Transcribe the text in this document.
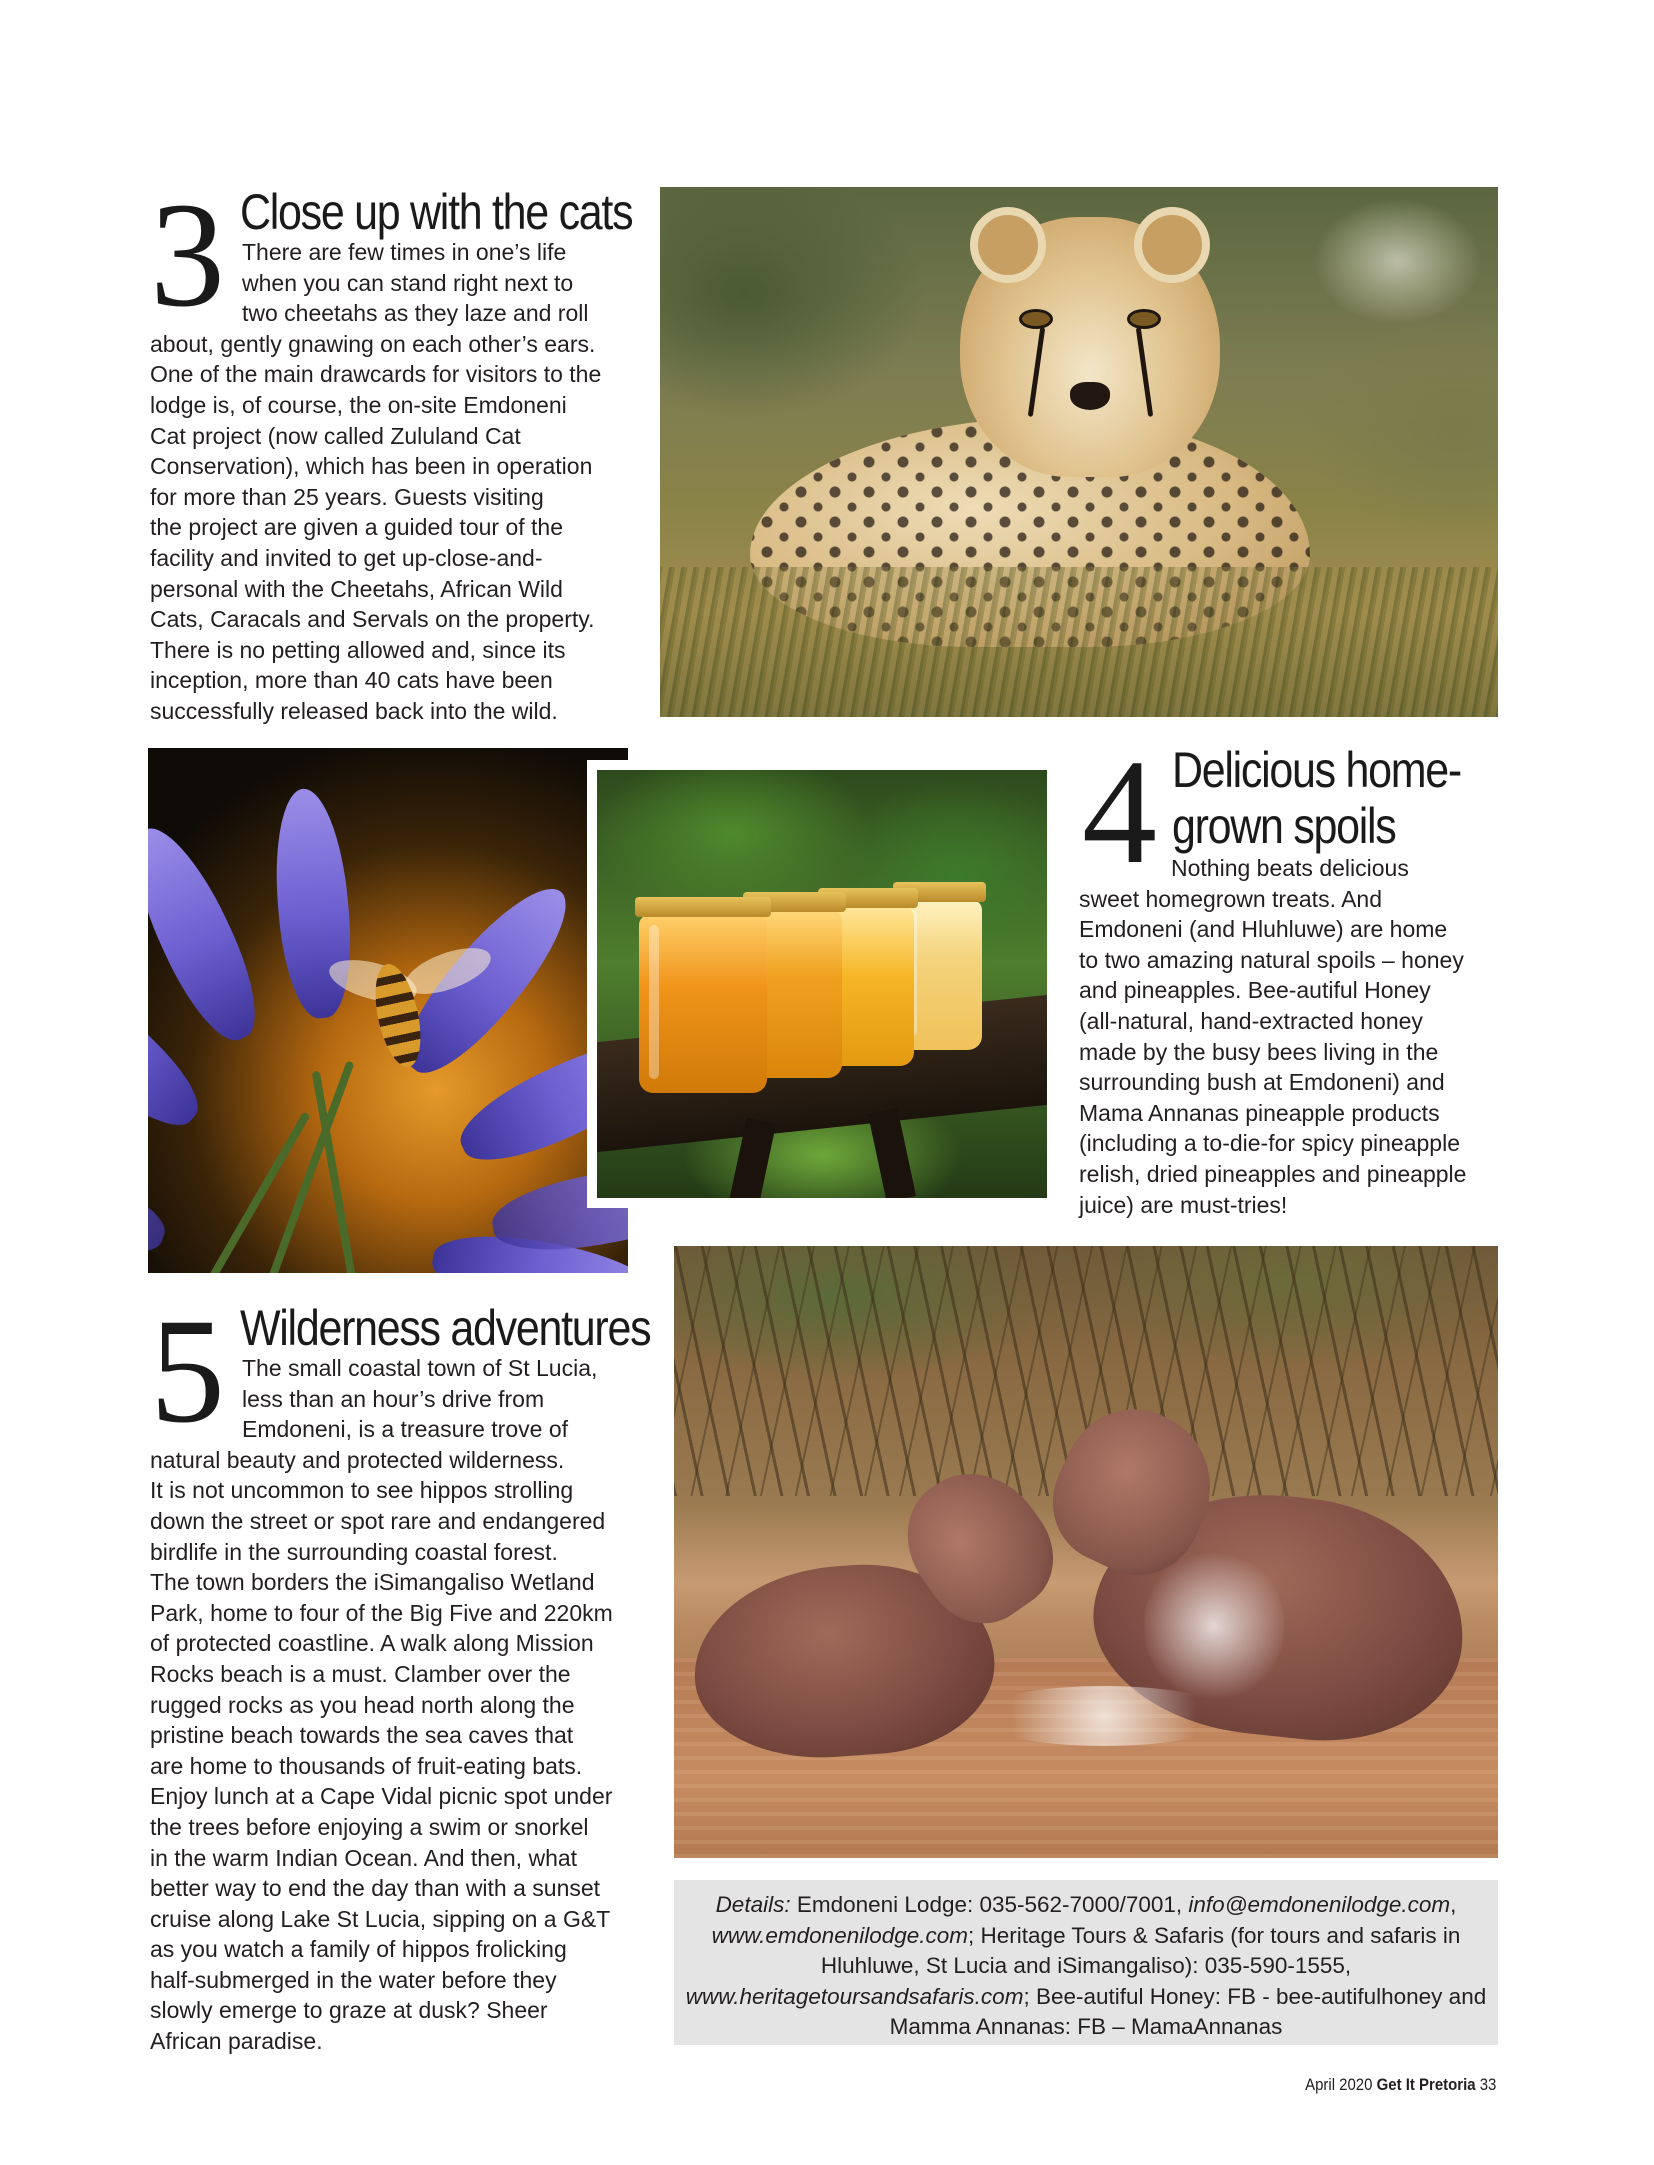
3 Close up with the cats
There are few times in one’s life
when you can stand right next to
two cheetahs as they laze and roll
about, gently gnawing on each other’s ears.
One of the main drawcards for visitors to the
lodge is, of course, the on-site Emdoneni
Cat project (now called Zululand Cat
Conservation), which has been in operation
for more than 25 years. Guests visiting
the project are given a guided tour of the
facility and invited to get up-close-and-
personal with the Cheetahs, African Wild
Cats, Caracals and Servals on the property.
There is no petting allowed and, since its
inception, more than 40 cats have been
successfully released back into the wild.
4 Delicious home-
grown spoils
Nothing beats delicious
sweet homegrown treats. And
Emdoneni (and Hluhluwe) are home
to two amazing natural spoils – honey
and pineapples. Bee-autiful Honey
(all-natural, hand-extracted honey
made by the busy bees living in the
surrounding bush at Emdoneni) and
Mama Annanas pineapple products
(including a to-die-for spicy pineapple
relish, dried pineapples and pineapple
juice) are must-tries!
5 Wilderness adventures
The small coastal town of St Lucia,
less than an hour’s drive from
Emdoneni, is a treasure trove of
natural beauty and protected wilderness.
It is not uncommon to see hippos strolling
down the street or spot rare and endangered
birdlife in the surrounding coastal forest.
The town borders the iSimangaliso Wetland
Park, home to four of the Big Five and 220km
of protected coastline. A walk along Mission
Rocks beach is a must. Clamber over the
rugged rocks as you head north along the
pristine beach towards the sea caves that
are home to thousands of fruit-eating bats.
Enjoy lunch at a Cape Vidal picnic spot under
the trees before enjoying a swim or snorkel
in the warm Indian Ocean. And then, what
better way to end the day than with a sunset
cruise along Lake St Lucia, sipping on a G&T
as you watch a family of hippos frolicking
half-submerged in the water before they
slowly emerge to graze at dusk? Sheer
African paradise.

Details: Emdoneni Lodge: 035-562-7000/7001, info@emdonenilodge.com, www.emdonenilodge.com; Heritage Tours & Safaris (for tours and safaris in Hluhluwe, St Lucia and iSimangaliso): 035-590-1555, www.heritagetoursandsafaris.com; Bee-autiful Honey: FB - bee-autifulhoney and Mamma Annanas: FB – MamaAnnanas

April 2020 Get It Pretoria 33
